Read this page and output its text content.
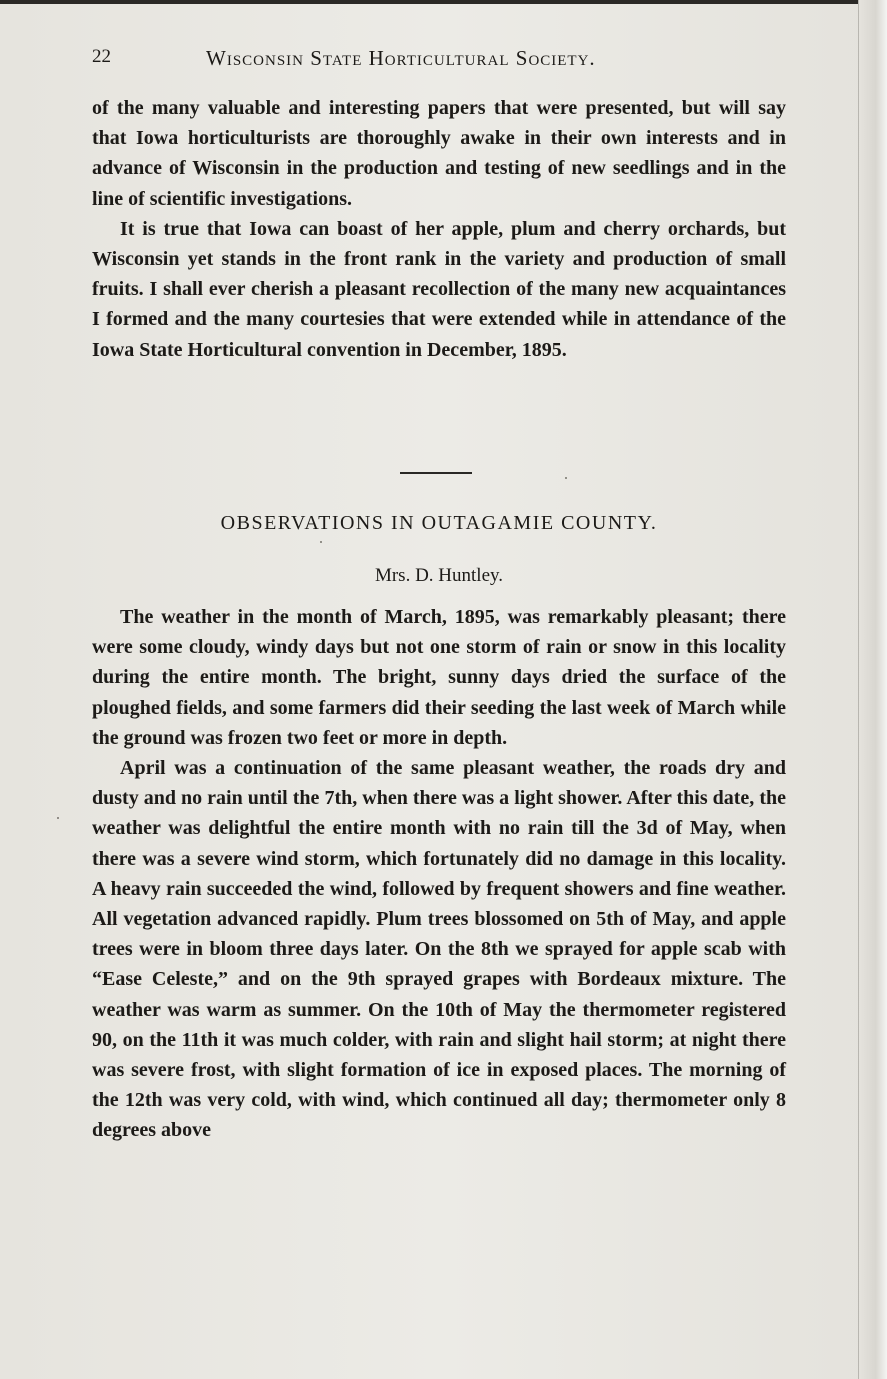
22	Wisconsin State Horticultural Society.

of the many valuable and interesting papers that were presented, but will say that Iowa horticulturists are thoroughly awake in their own interests and in advance of Wisconsin in the production and testing of new seedlings and in the line of scientific investigations.

It is true that Iowa can boast of her apple, plum and cherry orchards, but Wisconsin yet stands in the front rank in the variety and production of small fruits. I shall ever cherish a pleasant recollection of the many new acquaintances I formed and the many courtesies that were extended while in attendance of the Iowa State Horticultural convention in December, 1895.

OBSERVATIONS IN OUTAGAMIE COUNTY.
Mrs. D. Huntley.

The weather in the month of March, 1895, was remarkably pleasant; there were some cloudy, windy days but not one storm of rain or snow in this locality during the entire month. The bright, sunny days dried the surface of the ploughed fields, and some farmers did their seeding the last week of March while the ground was frozen two feet or more in depth.

April was a continuation of the same pleasant weather, the roads dry and dusty and no rain until the 7th, when there was a light shower. After this date, the weather was delightful the entire month with no rain till the 3d of May, when there was a severe wind storm, which fortunately did no damage in this locality. A heavy rain succeeded the wind, followed by frequent showers and fine weather. All vegetation advanced rapidly. Plum trees blossomed on 5th of May, and apple trees were in bloom three days later. On the 8th we sprayed for apple scab with “Ease Celeste,” and on the 9th sprayed grapes with Bordeaux mixture. The weather was warm as summer. On the 10th of May the thermometer registered 90, on the 11th it was much colder, with rain and slight hail storm; at night there was severe frost, with slight formation of ice in exposed places. The morning of the 12th was very cold, with wind, which continued all day; thermometer only 8 degrees above
